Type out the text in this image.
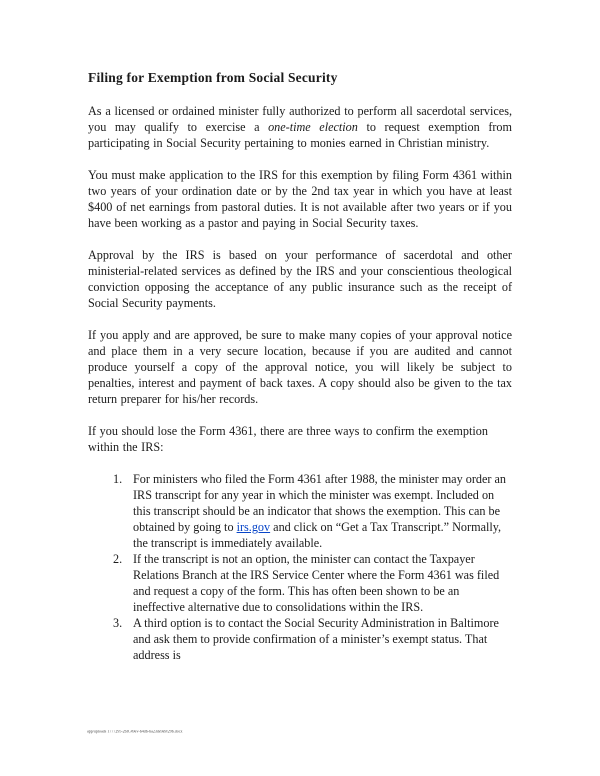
Filing for Exemption from Social Security

As a licensed or ordained minister fully authorized to perform all sacerdotal services, you may qualify to exercise a one-time election to request exemption from participating in Social Security pertaining to monies earned in Christian ministry.

You must make application to the IRS for this exemption by filing Form 4361 within two years of your ordination date or by the 2nd tax year in which you have at least $400 of net earnings from pastoral duties. It is not available after two years or if you have been working as a pastor and paying in Social Security taxes.

Approval by the IRS is based on your performance of sacerdotal and other ministerial-related services as defined by the IRS and your conscientious theological conviction opposing the acceptance of any public insurance such as the receipt of Social Security payments.

If you apply and are approved, be sure to make many copies of your approval notice and place them in a very secure location, because if you are audited and cannot produce yourself a copy of the approval notice, you will likely be subject to penalties, interest and payment of back taxes. A copy should also be given to the tax return preparer for his/her records.

If you should lose the Form 4361, there are three ways to confirm the exemption within the IRS:

1. For ministers who filed the Form 4361 after 1988, the minister may order an IRS transcript for any year in which the minister was exempt. Included on this transcript should be an indicator that shows the exemption. This can be obtained by going to irs.gov and click on “Get a Tax Transcript.” Normally, the transcript is immediately available.
2. If the transcript is not an option, the minister can contact the Taxpayer Relations Branch at the IRS Service Center where the Form 4361 was filed and request a copy of the form. This has often been shown to be an ineffective alternative due to consolidations within the IRS.
3. A third option is to contact the Social Security Administration in Baltimore and ask them to provide confirmation of a minister’s exempt status. That address is
app/uploads 1777295-2bfC49ev-b4db-ba23de9a9f29b.docx
